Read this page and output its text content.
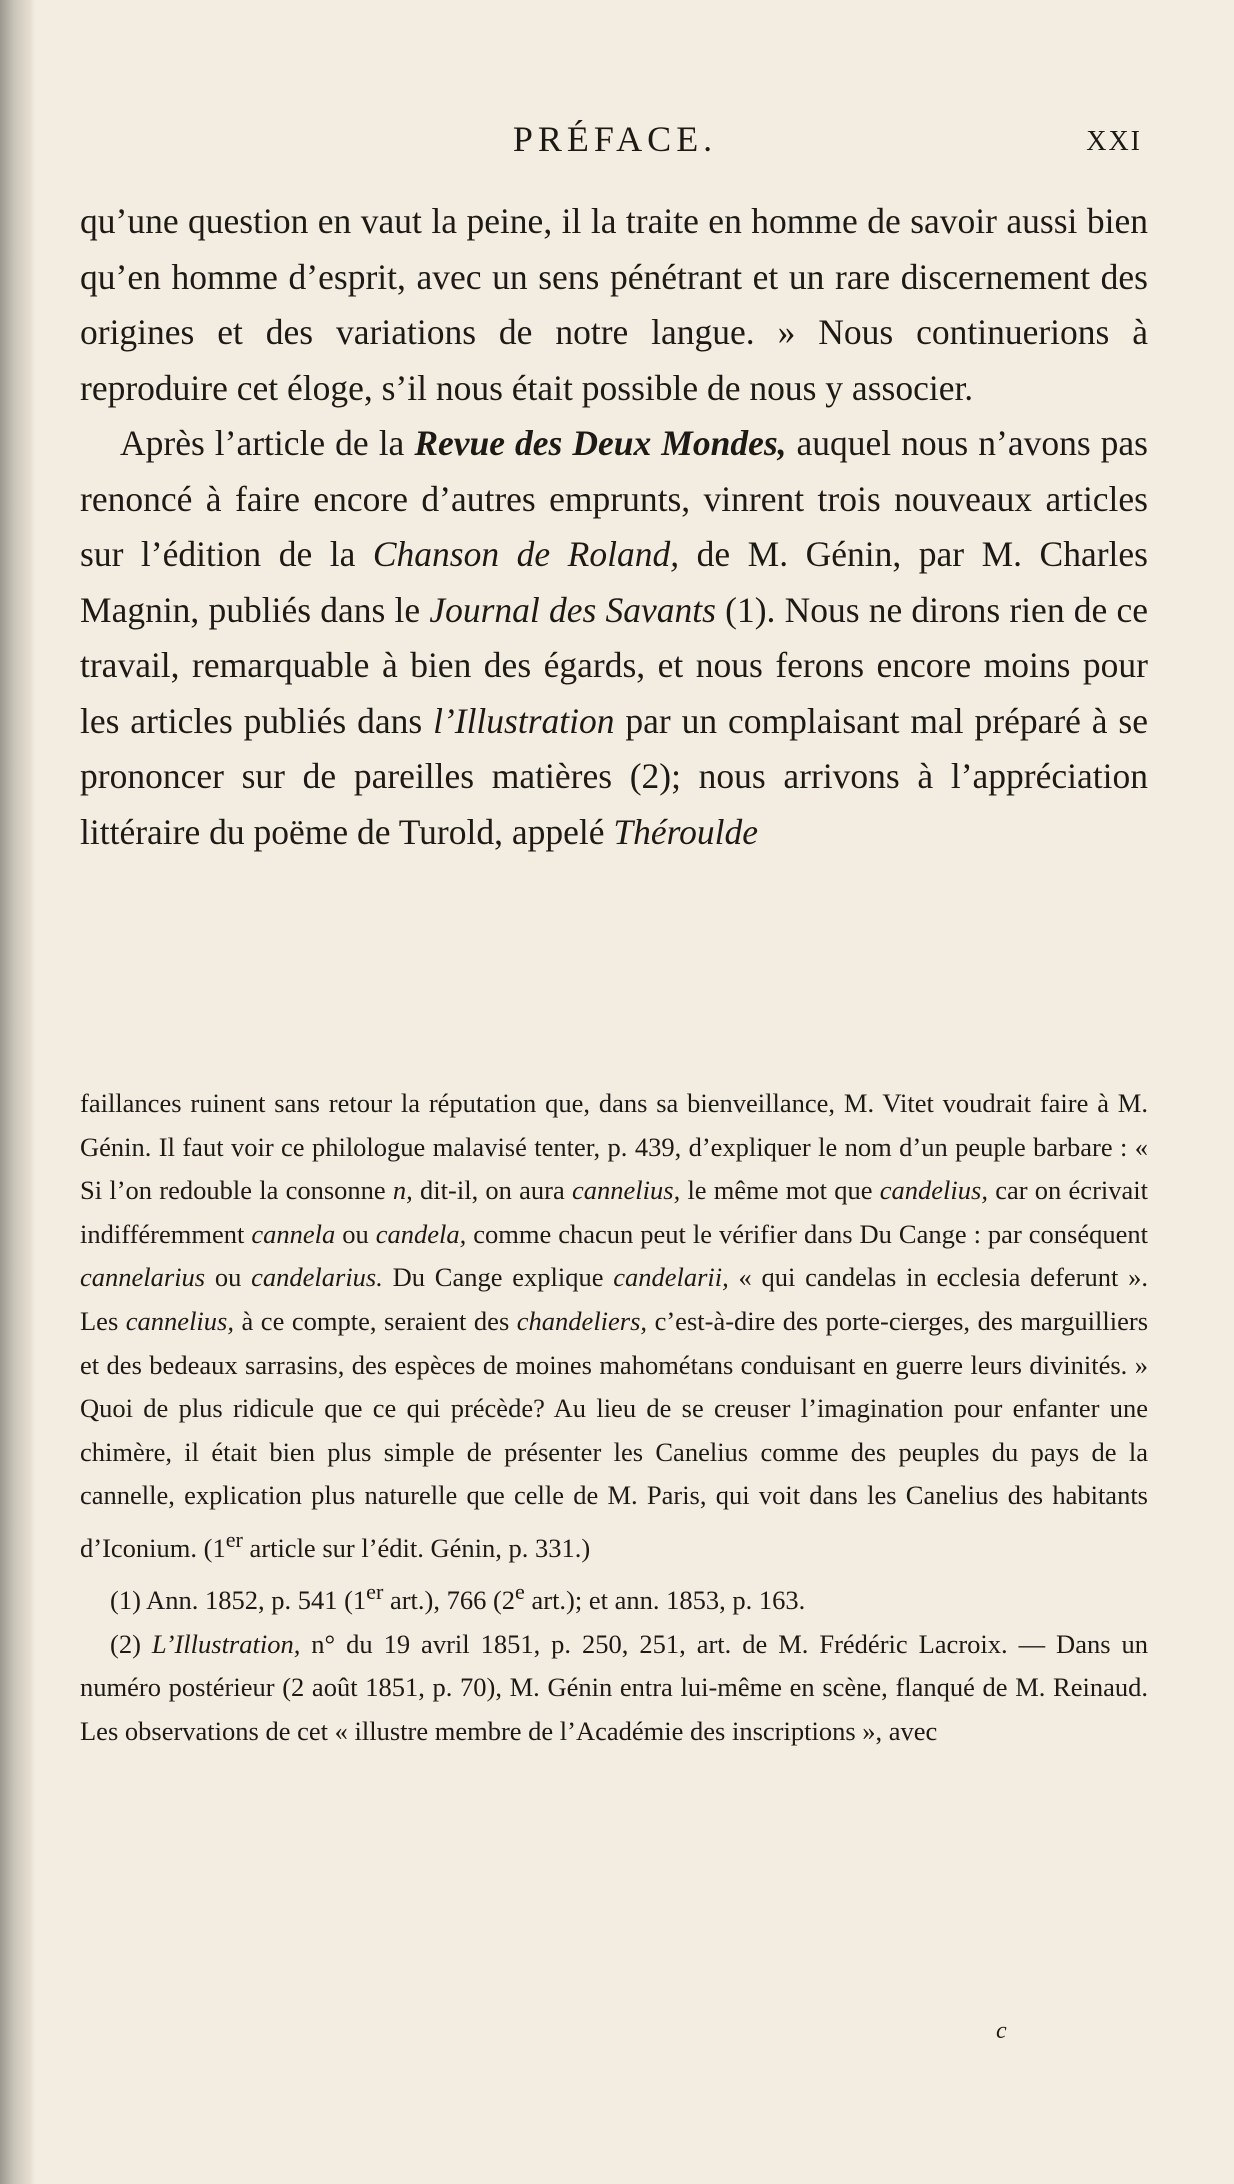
PRÉFACE.	XXI

qu’une question en vaut la peine, il la traite en homme de savoir aussi bien qu’en homme d’esprit, avec un sens pénétrant et un rare discernement des origines et des variations de notre langue. » Nous continuerions à reproduire cet éloge, s’il nous était possible de nous y associer.

Après l’article de la Revue des Deux Mondes, auquel nous n’avons pas renoncé à faire encore d’autres emprunts, vinrent trois nouveaux articles sur l’édition de la Chanson de Roland, de M. Génin, par M. Charles Magnin, publiés dans le Journal des Savants (1). Nous ne dirons rien de ce travail, remarquable à bien des égards, et nous ferons encore moins pour les articles publiés dans l’Illustration par un complaisant mal préparé à se prononcer sur de pareilles matières (2); nous arrivons à l’appréciation littéraire du poëme de Turold, appelé Théroulde

faillances ruinent sans retour la réputation que, dans sa bienveillance, M. Vitet voudrait faire à M. Génin. Il faut voir ce philologue malavisé tenter, p. 439, d’expliquer le nom d’un peuple barbare : « Si l’on redouble la consonne n, dit-il, on aura cannelius, le même mot que candelius, car on écrivait indifféremment cannela ou candela, comme chacun peut le vérifier dans Du Cange : par conséquent cannelarius ou candelarius. Du Cange explique candelarii, « qui candelas in ecclesia deferunt ». Les cannelius, à ce compte, seraient des chandeliers, c’est-à-dire des porte-cierges, des marguilliers et des bedeaux sarrasins, des espèces de moines mahométans conduisant en guerre leurs divinités. » Quoi de plus ridicule que ce qui précède? Au lieu de se creuser l’imagination pour enfanter une chimère, il était bien plus simple de présenter les Canelius comme des peuples du pays de la cannelle, explication plus naturelle que celle de M. Paris, qui voit dans les Canelius des habitants d’Iconium. (1er article sur l’édit. Génin, p. 331.)

(1) Ann. 1852, p. 541 (1er art.), 766 (2e art.); et ann. 1853, p. 163.

(2) L’Illustration, n° du 19 avril 1851, p. 250, 251, art. de M. Frédéric Lacroix. — Dans un numéro postérieur (2 août 1851, p. 70), M. Génin entra lui-même en scène, flanqué de M. Reinaud. Les observations de cet « illustre membre de l’Académie des inscriptions », avec

c
